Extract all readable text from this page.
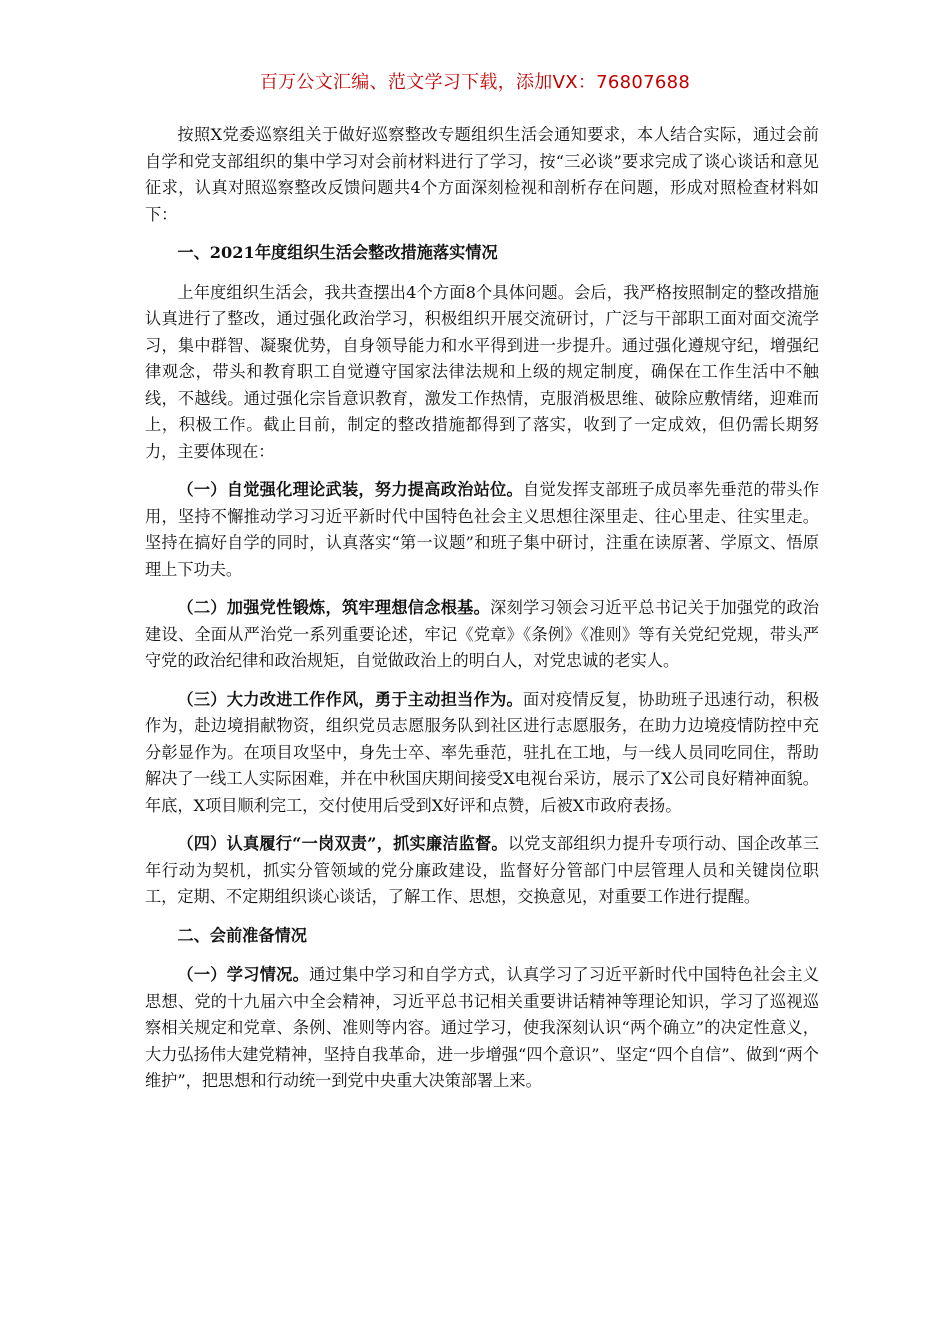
百万公文汇编、范文学习下载，添加VX：76807688

按照X党委巡察组关于做好巡察整改专题组织生活会通知要求，本人结合实际，通过会前自学和党支部组织的集中学习对会前材料进行了学习，按“三必谈”要求完成了谈心谈话和意见征求，认真对照巡察整改反馈问题共4个方面深刻检视和剖析存在问题，形成对照检查材料如下：

一、2021年度组织生活会整改措施落实情况

上年度组织生活会，我共查摆出4个方面8个具体问题。会后，我严格按照制定的整改措施认真进行了整改，通过强化政治学习，积极组织开展交流研讨，广泛与干部职工面对面交流学习，集中群智、凝聚优势，自身领导能力和水平得到进一步提升。通过强化遵规守纪，增强纪律观念，带头和教育职工自觉遵守国家法律法规和上级的规定制度，确保在工作生活中不触线，不越线。通过强化宗旨意识教育，激发工作热情，克服消极思维、破除应敷情绪，迎难而上，积极工作。截止目前，制定的整改措施都得到了落实，收到了一定成效，但仍需长期努力，主要体现在：

（一）自觉强化理论武装，努力提高政治站位。自觉发挥支部班子成员率先垂范的带头作用，坚持不懈推动学习习近平新时代中国特色社会主义思想往深里走、往心里走、往实里走。坚持在搞好自学的同时，认真落实“第一议题”和班子集中研讨，注重在读原著、学原文、悟原理上下功夫。

（二）加强党性锻炼，筑牢理想信念根基。深刻学习领会习近平总书记关于加强党的政治建设、全面从严治党一系列重要论述，牢记《党章》《条例》《准则》等有关党纪党规，带头严守党的政治纪律和政治规矩，自觉做政治上的明白人，对党忠诚的老实人。

（三）大力改进工作作风，勇于主动担当作为。面对疫情反复，协助班子迅速行动，积极作为，赴边境捐献物资，组织党员志愿服务队到社区进行志愿服务，在助力边境疫情防控中充分彰显作为。在项目攻坚中，身先士卒、率先垂范，驻扎在工地，与一线人员同吃同住，帮助解决了一线工人实际困难，并在中秋国庆期间接受X电视台采访，展示了X公司良好精神面貌。年底，X项目顺利完工，交付使用后受到X好评和点赞，后被X市政府表扬。

（四）认真履行“一岗双责”，抓实廉洁监督。以党支部组织力提升专项行动、国企改革三年行动为契机，抓实分管领域的党分廉政建设，监督好分管部门中层管理人员和关键岗位职工，定期、不定期组织谈心谈话，了解工作、思想，交换意见，对重要工作进行提醒。

二、会前准备情况

（一）学习情况。通过集中学习和自学方式，认真学习了习近平新时代中国特色社会主义思想、党的十九届六中全会精神，习近平总书记相关重要讲话精神等理论知识，学习了巡视巡察相关规定和党章、条例、准则等内容。通过学习，使我深刻认识“两个确立”的决定性意义，大力弘扬伟大建党精神，坚持自我革命，进一步增强“四个意识”、坚定“四个自信”、做到“两个维护”，把思想和行动统一到党中央重大决策部署上来。
